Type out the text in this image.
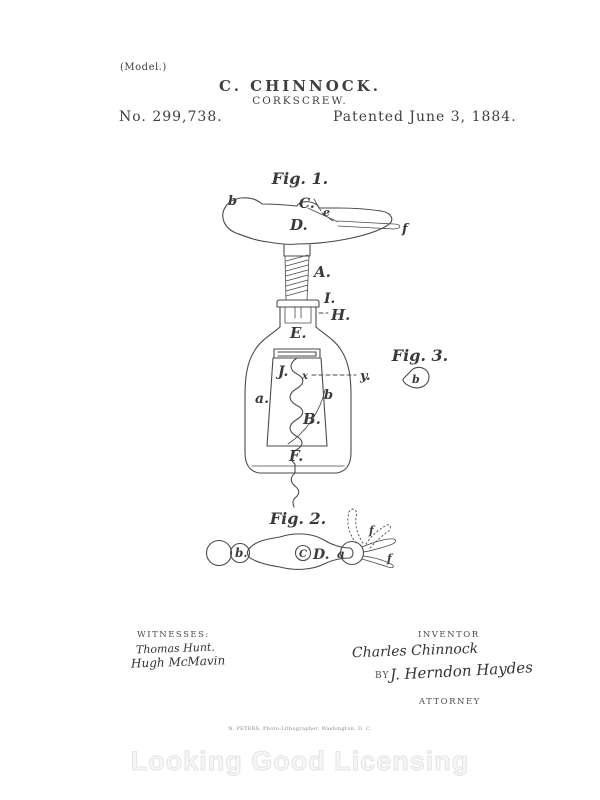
(Model.)
C. CHINNOCK.
CORKSCREW.
No. 299,738.	Patented June 3, 1884.
Fig. 1.
b	C.
e
D.	f
A.
I.
H.
E.
J. x	y.
a.	b
B.
F.
Fig. 3.
b
Fig. 2.
b.	C D. a
f
f
WITNESSES:
Thomas Hunt.
Hugh McMavin
INVENTOR
Charles Chinnock
BY J. Herndon Haydes
ATTORNEY
N. PETERS, Photo-Lithographer, Washington, D. C.
Looking Good Licensing
